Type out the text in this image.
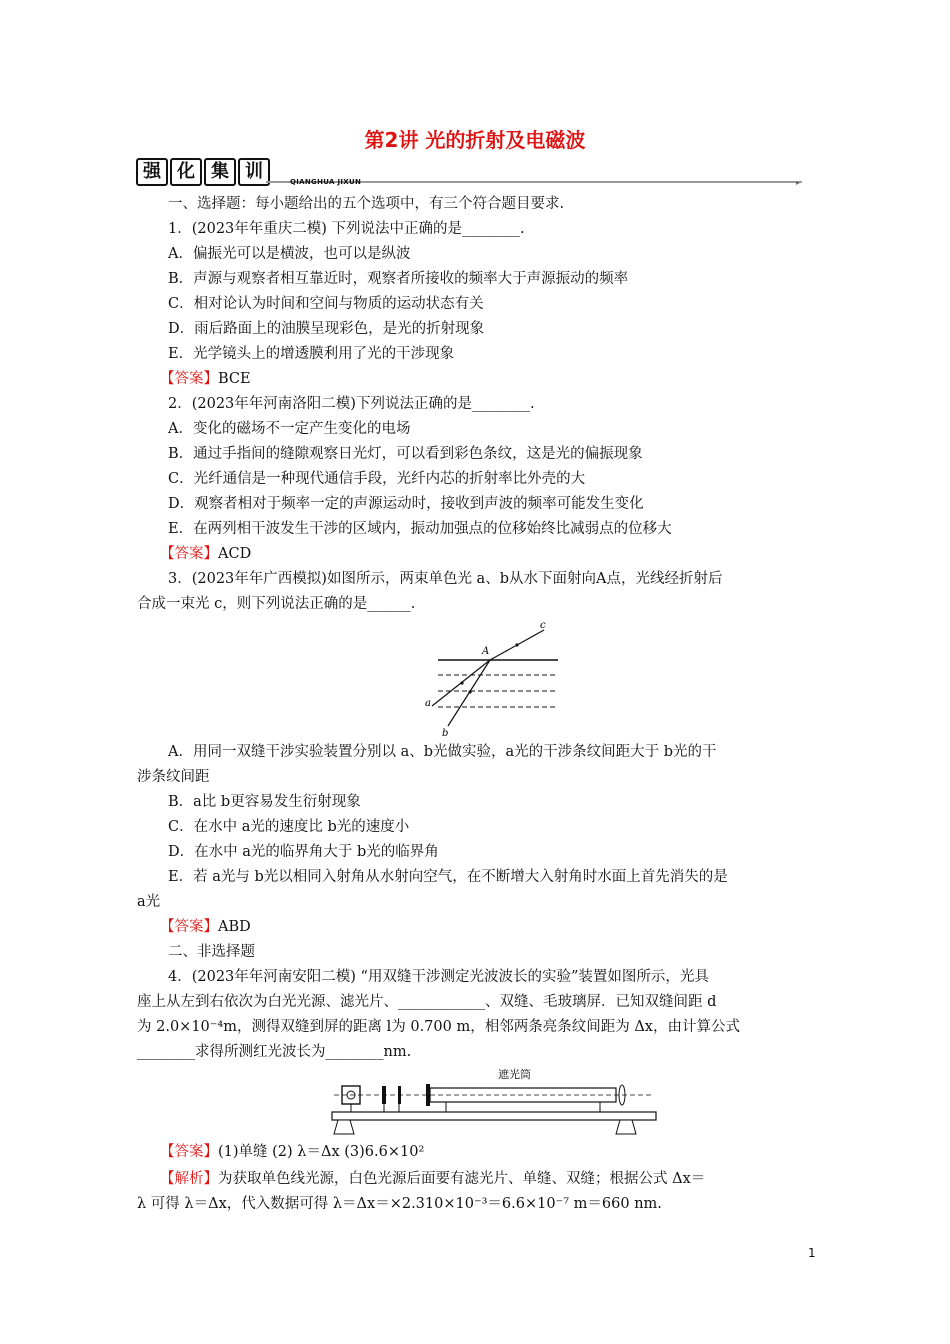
第2讲 光的折射及电磁波
强 化 集 训	QIANGHUA JIXUN	▸
一、选择题：每小题给出的五个选项中，有三个符合题目要求.
1．(2023年年重庆二模) 下列说法中正确的是________.
A．偏振光可以是横波，也可以是纵波
B．声源与观察者相互靠近时，观察者所接收的频率大于声源振动的频率
C．相对论认为时间和空间与物质的运动状态有关
D．雨后路面上的油膜呈现彩色，是光的折射现象
E．光学镜头上的增透膜利用了光的干涉现象
【答案】BCE
2．(2023年年河南洛阳二模)下列说法正确的是________.
A．变化的磁场不一定产生变化的电场
B．通过手指间的缝隙观察日光灯，可以看到彩色条纹，这是光的偏振现象
C．光纤通信是一种现代通信手段，光纤内芯的折射率比外壳的大
D．观察者相对于频率一定的声源运动时，接收到声波的频率可能发生变化
E．在两列相干波发生干涉的区域内，振动加强点的位移始终比减弱点的位移大
【答案】ACD
3．(2023年年广西模拟)如图所示，两束单色光 a、b从水下面射向A点，光线经折射后
合成一束光 c，则下列说法正确的是______.
A
c
a
b
A．用同一双缝干涉实验装置分别以 a、b光做实验，a光的干涉条纹间距大于 b光的干
涉条纹间距
B．a比 b更容易发生衍射现象
C．在水中 a光的速度比 b光的速度小
D．在水中 a光的临界角大于 b光的临界角
E．若 a光与 b光以相同入射角从水射向空气，在不断增大入射角时水面上首先消失的是
a光
【答案】ABD
二、非选择题
4．(2023年年河南安阳二模) “用双缝干涉测定光波波长的实验”装置如图所示，光具
座上从左到右依次为白光光源、滤光片、____________、双缝、毛玻璃屏．已知双缝间距 d
为 2.0×10⁻⁴m，测得双缝到屏的距离 l为 0.700 m，相邻两条亮条纹间距为 Δx，由计算公式
________求得所测红光波长为________nm.
遮光筒
【答案】(1)单缝 (2) λ＝Δx (3)6.6×10²
【解析】为获取单色线光源，白色光源后面要有滤光片、单缝、双缝；根据公式 Δx＝
λ 可得 λ＝Δx，代入数据可得 λ＝Δx＝×2.310×10⁻³＝6.6×10⁻⁷ m＝660 nm.
1
